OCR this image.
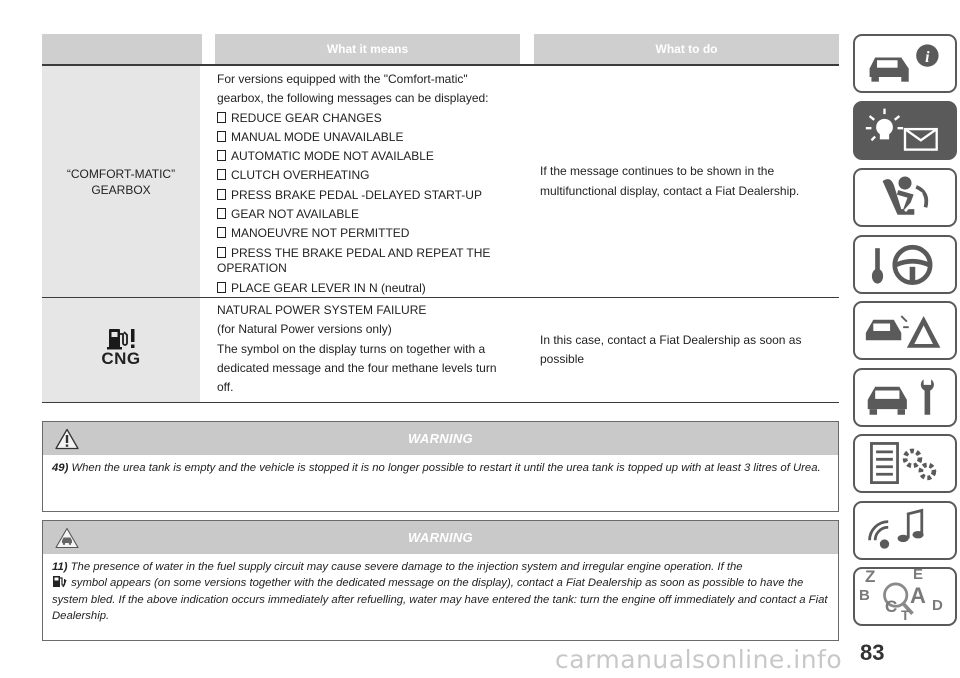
What it means	What to do
“COMFORT-MATIC”
GEARBOX
For versions equipped with the "Comfort-matic" gearbox, the following messages can be displayed:
REDUCE GEAR CHANGES
MANUAL MODE UNAVAILABLE
AUTOMATIC MODE NOT AVAILABLE
CLUTCH OVERHEATING
PRESS BRAKE PEDAL -DELAYED START-UP
GEAR NOT AVAILABLE
MANOEUVRE NOT PERMITTED
PRESS THE BRAKE PEDAL AND REPEAT THE OPERATION
PLACE GEAR LEVER IN N (neutral)
If the message continues to be shown in the multifunctional display, contact a Fiat Dealership.
CNG
NATURAL POWER SYSTEM FAILURE
(for Natural Power versions only)
The symbol on the display turns on together with a dedicated message and the four methane levels turn off.
In this case, contact a Fiat Dealership as soon as possible
WARNING
49) When the urea tank is empty and the vehicle is stopped it is no longer possible to restart it until the urea tank is topped up with at least 3 litres of Urea.
WARNING
11) The presence of water in the fuel supply circuit may cause severe damage to the injection system and irregular engine operation. If the
symbol appears (on some versions together with the dedicated message on the display), contact a Fiat Dealership as soon as possible to have the system bled. If the above indication occurs immediately after refuelling, water may have entered the tank: turn the engine off immediately and contact a Fiat Dealership.
i
Z	E
B A
C D
T
carmanualsonline.info 83
